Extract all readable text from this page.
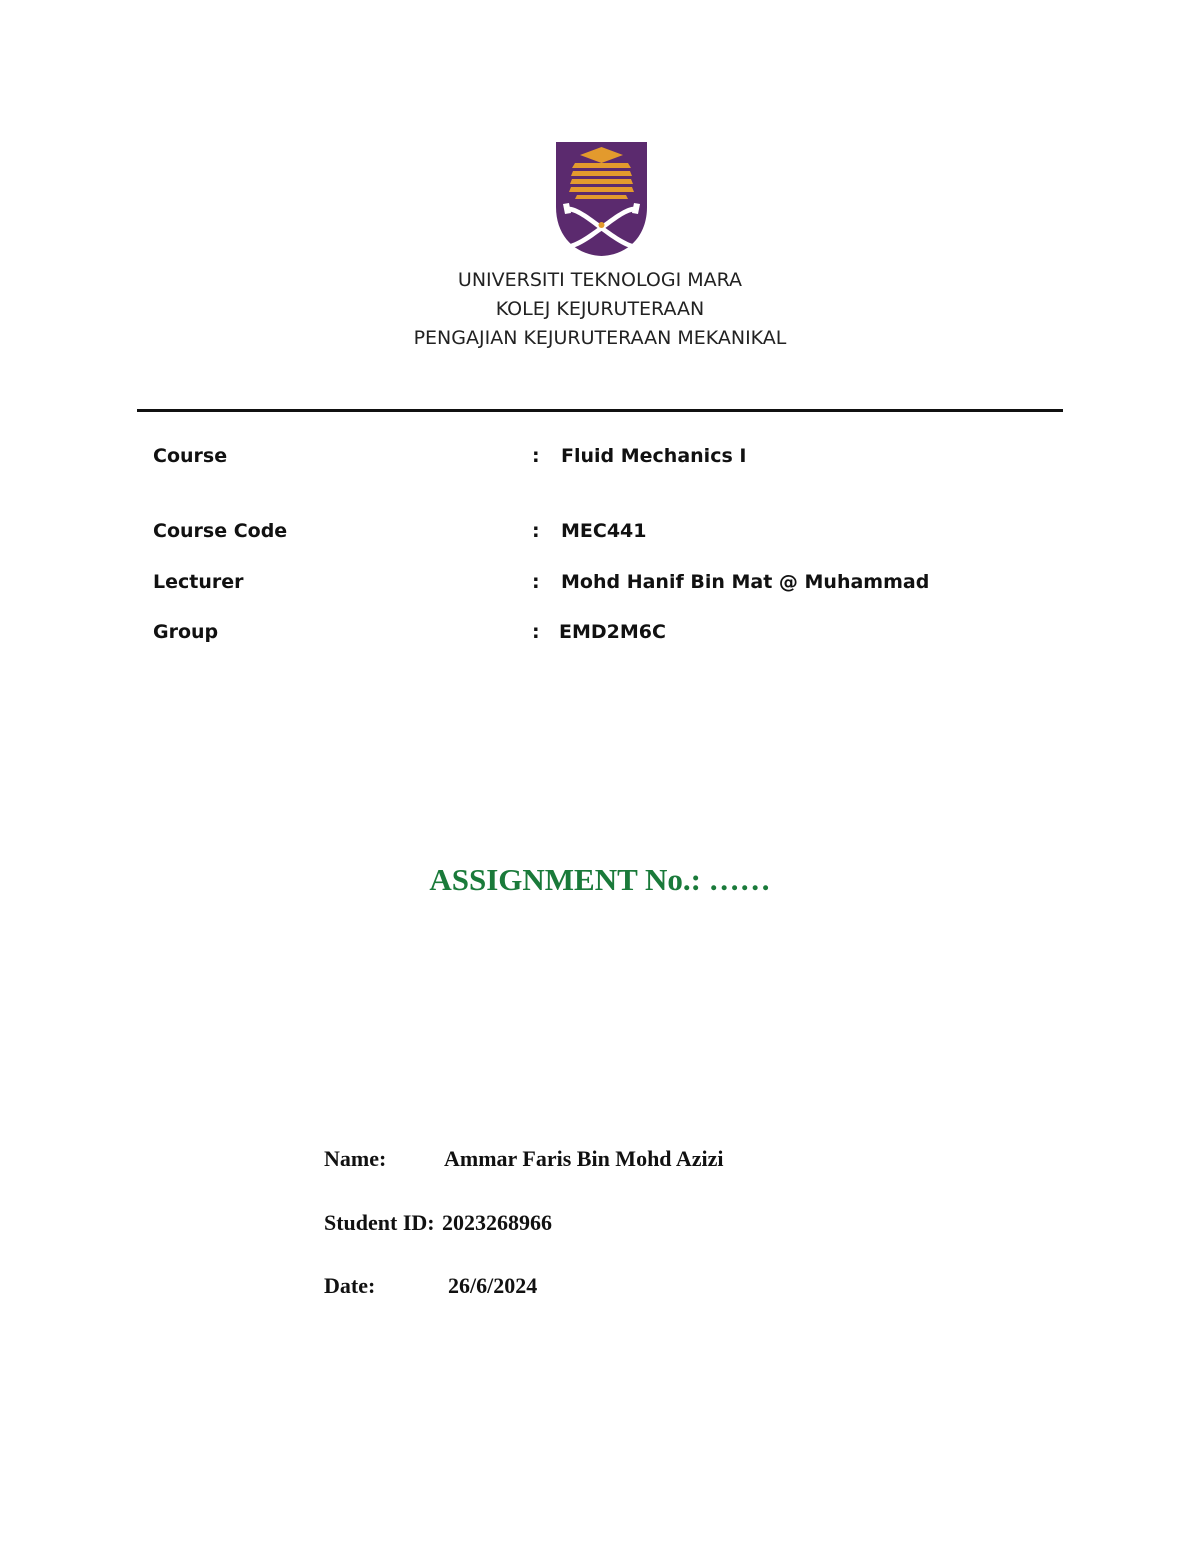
UNIVERSITI TEKNOLOGI MARA
KOLEJ KEJURUTERAAN
PENGAJIAN KEJURUTERAAN MEKANIKAL
Course	: Fluid Mechanics I
Course Code	: MEC441
Lecturer	: Mohd Hanif Bin Mat @ Muhammad
Group	: EMD2M6C
ASSIGNMENT No.: ……
Name:	Ammar Faris Bin Mohd Azizi
Student ID: 2023268966
Date:	26/6/2024
